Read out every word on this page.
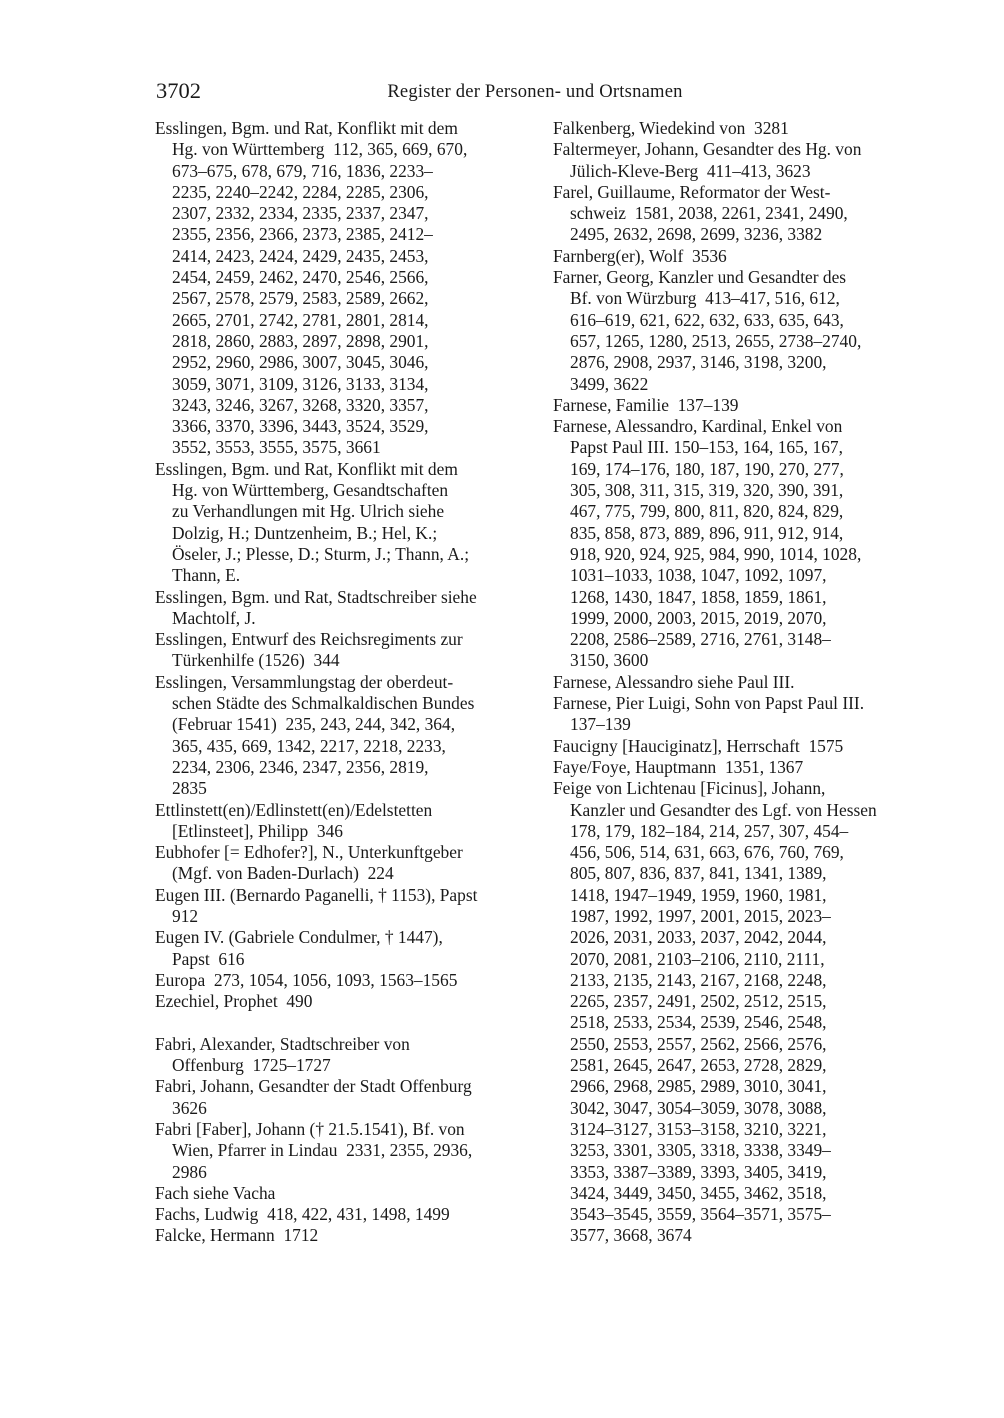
3702	Register der Personen- und Ortsnamen
Esslingen, Bgm. und Rat, Konflikt mit dem
Hg. von Württemberg  112, 365, 669, 670,
673–675, 678, 679, 716, 1836, 2233–
2235, 2240–2242, 2284, 2285, 2306,
2307, 2332, 2334, 2335, 2337, 2347,
2355, 2356, 2366, 2373, 2385, 2412–
2414, 2423, 2424, 2429, 2435, 2453,
2454, 2459, 2462, 2470, 2546, 2566,
2567, 2578, 2579, 2583, 2589, 2662,
2665, 2701, 2742, 2781, 2801, 2814,
2818, 2860, 2883, 2897, 2898, 2901,
2952, 2960, 2986, 3007, 3045, 3046,
3059, 3071, 3109, 3126, 3133, 3134,
3243, 3246, 3267, 3268, 3320, 3357,
3366, 3370, 3396, 3443, 3524, 3529,
3552, 3553, 3555, 3575, 3661
Esslingen, Bgm. und Rat, Konflikt mit dem
Hg. von Württemberg, Gesandtschaften
zu Verhandlungen mit Hg. Ulrich siehe
Dolzig, H.; Duntzenheim, B.; Hel, K.;
Öseler, J.; Plesse, D.; Sturm, J.; Thann, A.;
Thann, E.
Esslingen, Bgm. und Rat, Stadtschreiber siehe
Machtolf, J.
Esslingen, Entwurf des Reichsregiments zur
Türkenhilfe (1526)  344
Esslingen, Versammlungstag der oberdeut-
schen Städte des Schmalkaldischen Bundes
(Februar 1541)  235, 243, 244, 342, 364,
365, 435, 669, 1342, 2217, 2218, 2233,
2234, 2306, 2346, 2347, 2356, 2819,
2835
Ettlinstett(en)/Edlinstett(en)/Edelstetten
[Etlinsteet], Philipp  346
Eubhofer [= Edhofer?], N., Unterkunftgeber
(Mgf. von Baden-Durlach)  224
Eugen III. (Bernardo Paganelli, † 1153), Papst
912
Eugen IV. (Gabriele Condulmer, † 1447),
Papst  616
Europa  273, 1054, 1056, 1093, 1563–1565
Ezechiel, Prophet  490
Fabri, Alexander, Stadtschreiber von
Offenburg  1725–1727
Fabri, Johann, Gesandter der Stadt Offenburg
3626
Fabri [Faber], Johann († 21.5.1541), Bf. von
Wien, Pfarrer in Lindau  2331, 2355, 2936,
2986
Fach siehe Vacha
Fachs, Ludwig  418, 422, 431, 1498, 1499
Falcke, Hermann  1712
Falkenberg, Wiedekind von  3281
Faltermeyer, Johann, Gesandter des Hg. von
Jülich-Kleve-Berg  411–413, 3623
Farel, Guillaume, Reformator der West-
schweiz  1581, 2038, 2261, 2341, 2490,
2495, 2632, 2698, 2699, 3236, 3382
Farnberg(er), Wolf  3536
Farner, Georg, Kanzler und Gesandter des
Bf. von Würzburg  413–417, 516, 612,
616–619, 621, 622, 632, 633, 635, 643,
657, 1265, 1280, 2513, 2655, 2738–2740,
2876, 2908, 2937, 3146, 3198, 3200,
3499, 3622
Farnese, Familie  137–139
Farnese, Alessandro, Kardinal, Enkel von
Papst Paul III. 150–153, 164, 165, 167,
169, 174–176, 180, 187, 190, 270, 277,
305, 308, 311, 315, 319, 320, 390, 391,
467, 775, 799, 800, 811, 820, 824, 829,
835, 858, 873, 889, 896, 911, 912, 914,
918, 920, 924, 925, 984, 990, 1014, 1028,
1031–1033, 1038, 1047, 1092, 1097,
1268, 1430, 1847, 1858, 1859, 1861,
1999, 2000, 2003, 2015, 2019, 2070,
2208, 2586–2589, 2716, 2761, 3148–
3150, 3600
Farnese, Alessandro siehe Paul III.
Farnese, Pier Luigi, Sohn von Papst Paul III.
137–139
Faucigny [Hauciginatz], Herrschaft  1575
Faye/Foye, Hauptmann  1351, 1367
Feige von Lichtenau [Ficinus], Johann,
Kanzler und Gesandter des Lgf. von Hessen
178, 179, 182–184, 214, 257, 307, 454–
456, 506, 514, 631, 663, 676, 760, 769,
805, 807, 836, 837, 841, 1341, 1389,
1418, 1947–1949, 1959, 1960, 1981,
1987, 1992, 1997, 2001, 2015, 2023–
2026, 2031, 2033, 2037, 2042, 2044,
2070, 2081, 2103–2106, 2110, 2111,
2133, 2135, 2143, 2167, 2168, 2248,
2265, 2357, 2491, 2502, 2512, 2515,
2518, 2533, 2534, 2539, 2546, 2548,
2550, 2553, 2557, 2562, 2566, 2576,
2581, 2645, 2647, 2653, 2728, 2829,
2966, 2968, 2985, 2989, 3010, 3041,
3042, 3047, 3054–3059, 3078, 3088,
3124–3127, 3153–3158, 3210, 3221,
3253, 3301, 3305, 3318, 3338, 3349–
3353, 3387–3389, 3393, 3405, 3419,
3424, 3449, 3450, 3455, 3462, 3518,
3543–3545, 3559, 3564–3571, 3575–
3577, 3668, 3674
